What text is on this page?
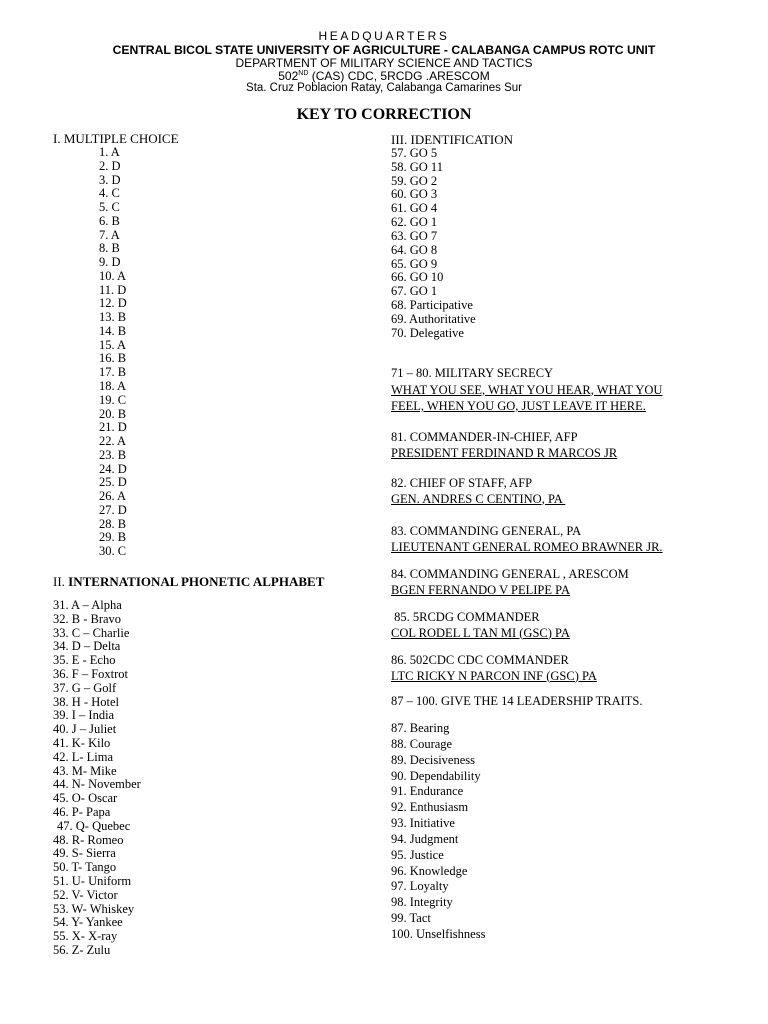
HEADQUARTERS
CENTRAL BICOL STATE UNIVERSITY OF AGRICULTURE - CALABANGA CAMPUS ROTC UNIT
DEPARTMENT OF MILITARY SCIENCE AND TACTICS
502ND (CAS) CDC, 5RCDG .ARESCOM
Sta. Cruz Poblacion Ratay, Calabanga Camarines Sur
KEY TO CORRECTION
I. MULTIPLE CHOICE
1. A
2. D
3. D
4. C
5. C
6. B
7. A
8. B
9. D
10. A
11. D
12. D
13. B
14. B
15. A
16. B
17. B
18. A
19. C
20. B
21. D
22. A
23. B
24. D
25. D
26. A
27. D
28. B
29. B
30. C
II. INTERNATIONAL PHONETIC ALPHABET
31. A – Alpha
32. B - Bravo
33. C – Charlie
34. D – Delta
35. E - Echo
36. F – Foxtrot
37. G – Golf
38. H - Hotel
39. I – India
40. J – Juliet
41. K- Kilo
42. L- Lima
43. M- Mike
44. N- November
45. O- Oscar
46. P- Papa
47. Q- Quebec
48. R- Romeo
49. S- Sierra
50. T- Tango
51. U- Uniform
52. V- Victor
53. W- Whiskey
54. Y- Yankee
55. X- X-ray
56. Z- Zulu
III. IDENTIFICATION
57. GO 5
58. GO 11
59. GO 2
60. GO 3
61. GO 4
62. GO 1
63. GO 7
64. GO 8
65. GO 9
66. GO 10
67. GO 1
68. Participative
69. Authoritative
70. Delegative
71 – 80. MILITARY SECRECY
WHAT YOU SEE, WHAT YOU HEAR, WHAT YOU
FEEL, WHEN YOU GO, JUST LEAVE IT HERE.
81. COMMANDER-IN-CHIEF, AFP
PRESIDENT FERDINAND R MARCOS JR
82. CHIEF OF STAFF, AFP
GEN. ANDRES C CENTINO, PA
83. COMMANDING GENERAL, PA
LIEUTENANT GENERAL ROMEO BRAWNER JR.
84. COMMANDING GENERAL , ARESCOM
BGEN FERNANDO V PELIPE PA
85. 5RCDG COMMANDER
COL RODEL L TAN MI (GSC) PA
86. 502CDC CDC COMMANDER
LTC RICKY N PARCON INF (GSC) PA
87 – 100. GIVE THE 14 LEADERSHIP TRAITS.
87. Bearing
88. Courage
89. Decisiveness
90. Dependability
91. Endurance
92. Enthusiasm
93. Initiative
94. Judgment
95. Justice
96. Knowledge
97. Loyalty
98. Integrity
99. Tact
100. Unselfishness
